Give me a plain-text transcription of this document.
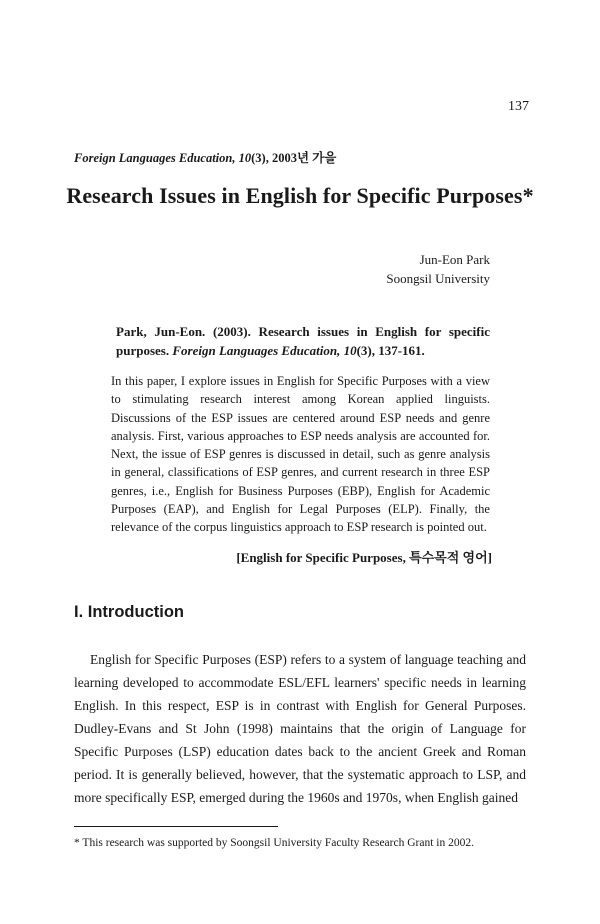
137
Foreign Languages Education, 10(3), 2003년 가을
Research Issues in English for Specific Purposes*
Jun-Eon Park
Soongsil University
Park, Jun-Eon. (2003). Research issues in English for specific purposes. Foreign Languages Education, 10(3), 137-161.
In this paper, I explore issues in English for Specific Purposes with a view to stimulating research interest among Korean applied linguists. Discussions of the ESP issues are centered around ESP needs and genre analysis. First, various approaches to ESP needs analysis are accounted for. Next, the issue of ESP genres is discussed in detail, such as genre analysis in general, classifications of ESP genres, and current research in three ESP genres, i.e., English for Business Purposes (EBP), English for Academic Purposes (EAP), and English for Legal Purposes (ELP). Finally, the relevance of the corpus linguistics approach to ESP research is pointed out.
[English for Specific Purposes, 특수목적 영어]
I. Introduction
English for Specific Purposes (ESP) refers to a system of language teaching and learning developed to accommodate ESL/EFL learners' specific needs in learning English. In this respect, ESP is in contrast with English for General Purposes. Dudley-Evans and St John (1998) maintains that the origin of Language for Specific Purposes (LSP) education dates back to the ancient Greek and Roman period. It is generally believed, however, that the systematic approach to LSP, and more specifically ESP, emerged during the 1960s and 1970s, when English gained
* This research was supported by Soongsil University Faculty Research Grant in 2002.
